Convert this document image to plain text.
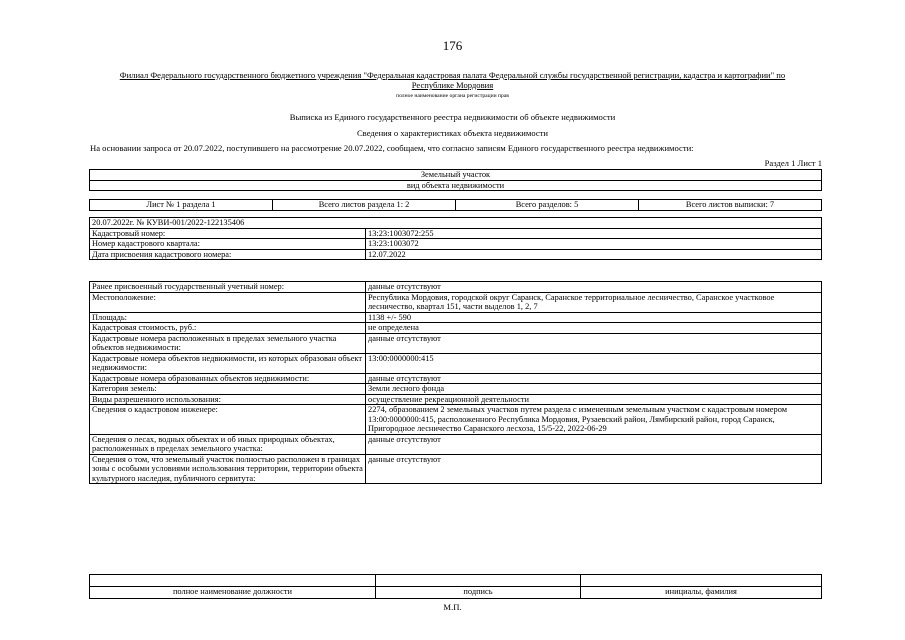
176
Филиал Федерального государственного бюджетного учреждения "Федеральная кадастровая палата Федеральной службы государственной регистрации, кадастра и картографии" по Республике Мордовия
полное наименование органа регистрации прав
Выписка из Единого государственного реестра недвижимости об объекте недвижимости
Сведения о характеристиках объекта недвижимости
На основании запроса от 20.07.2022, поступившего на рассмотрение 20.07.2022, сообщаем, что согласно записям Единого государственного реестра недвижимости:
Раздел 1 Лист 1
Земельный участок
вид объекта недвижимости
Лист № 1 раздела 1	Всего листов раздела 1: 2	Всего разделов: 5	Всего листов выписки: 7
20.07.2022г. № КУВИ-001/2022-122135406	
Кадастровый номер:	13:23:1003072:255
Номер кадастрового квартала:	13:23:1003072
Дата присвоения кадастрового номера:	12.07.2022
Ранее присвоенный государственный учетный номер:	данные отсутствуют
Местоположение:	Республика Мордовия, городской округ Саранск, Саранское территориальное лесничество, Саранское участковое лесничество, квартал 151, части выделов 1, 2, 7
Площадь:	1138 +/- 590
Кадастровая стоимость, руб.:	не определена
Кадастровые номера расположенных в пределах земельного участка объектов недвижимости:	данные отсутствуют
Кадастровые номера объектов недвижимости, из которых образован объект недвижимости:	13:00:0000000:415
Кадастровые номера образованных объектов недвижимости:	данные отсутствуют
Категория земель:	Земли лесного фонда
Виды разрешенного использования:	осуществление рекреационной деятельности
Сведения о кадастровом инженере:	2274, образованием 2 земельных участков путем раздела с измененным земельным участком с кадастровым номером 13:00:0000000:415, расположенного Республика Мордовия, Рузаевский район, Лямбирский район, город Саранск, Пригородное лесничество Саранского лесхоза, 15/5-22, 2022-06-29
Сведения о лесах, водных объектах и об иных природных объектах, расположенных в пределах земельного участка:	данные отсутствуют
Сведения о том, что земельный участок полностью расположен в границах зоны с особыми условиями использования территории, территории объекта культурного наследия, публичного сервитута:	данные отсутствуют

полное наименование должности	подпись	инициалы, фамилия
М.П.
